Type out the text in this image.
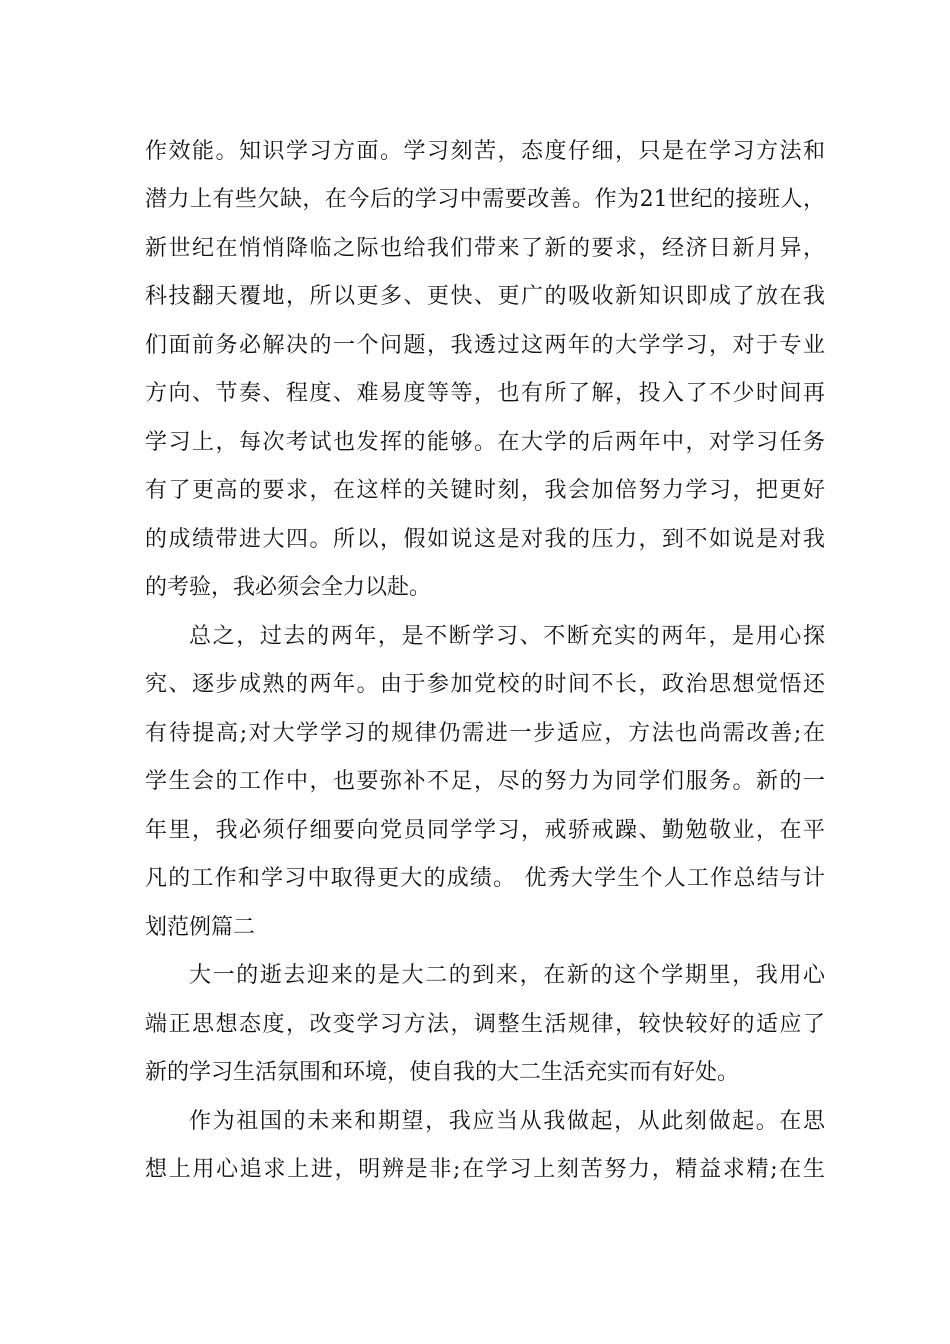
作效能。知识学习方面。学习刻苦，态度仔细，只是在学习方法和
潜力上有些欠缺，在今后的学习中需要改善。作为21世纪的接班人，
新世纪在悄悄降临之际也给我们带来了新的要求，经济日新月异，
科技翻天覆地，所以更多、更快、更广的吸收新知识即成了放在我
们面前务必解决的一个问题，我透过这两年的大学学习，对于专业
方向、节奏、程度、难易度等等，也有所了解，投入了不少时间再
学习上，每次考试也发挥的能够。在大学的后两年中，对学习任务
有了更高的要求，在这样的关键时刻，我会加倍努力学习，把更好
的成绩带进大四。所以，假如说这是对我的压力，到不如说是对我
的考验，我必须会全力以赴。
总之，过去的两年，是不断学习、不断充实的两年，是用心探
究、逐步成熟的两年。由于参加党校的时间不长，政治思想觉悟还
有待提高;对大学学习的规律仍需进一步适应，方法也尚需改善;在
学生会的工作中，也要弥补不足，尽的努力为同学们服务。新的一
年里，我必须仔细要向党员同学学习，戒骄戒躁、勤勉敬业，在平
凡的工作和学习中取得更大的成绩。 优秀大学生个人工作总结与计
划范例篇二
大一的逝去迎来的是大二的到来，在新的这个学期里，我用心
端正思想态度，改变学习方法，调整生活规律，较快较好的适应了
新的学习生活氛围和环境，使自我的大二生活充实而有好处。
作为祖国的未来和期望，我应当从我做起，从此刻做起。在思
想上用心追求上进，明辨是非;在学习上刻苦努力，精益求精;在生
